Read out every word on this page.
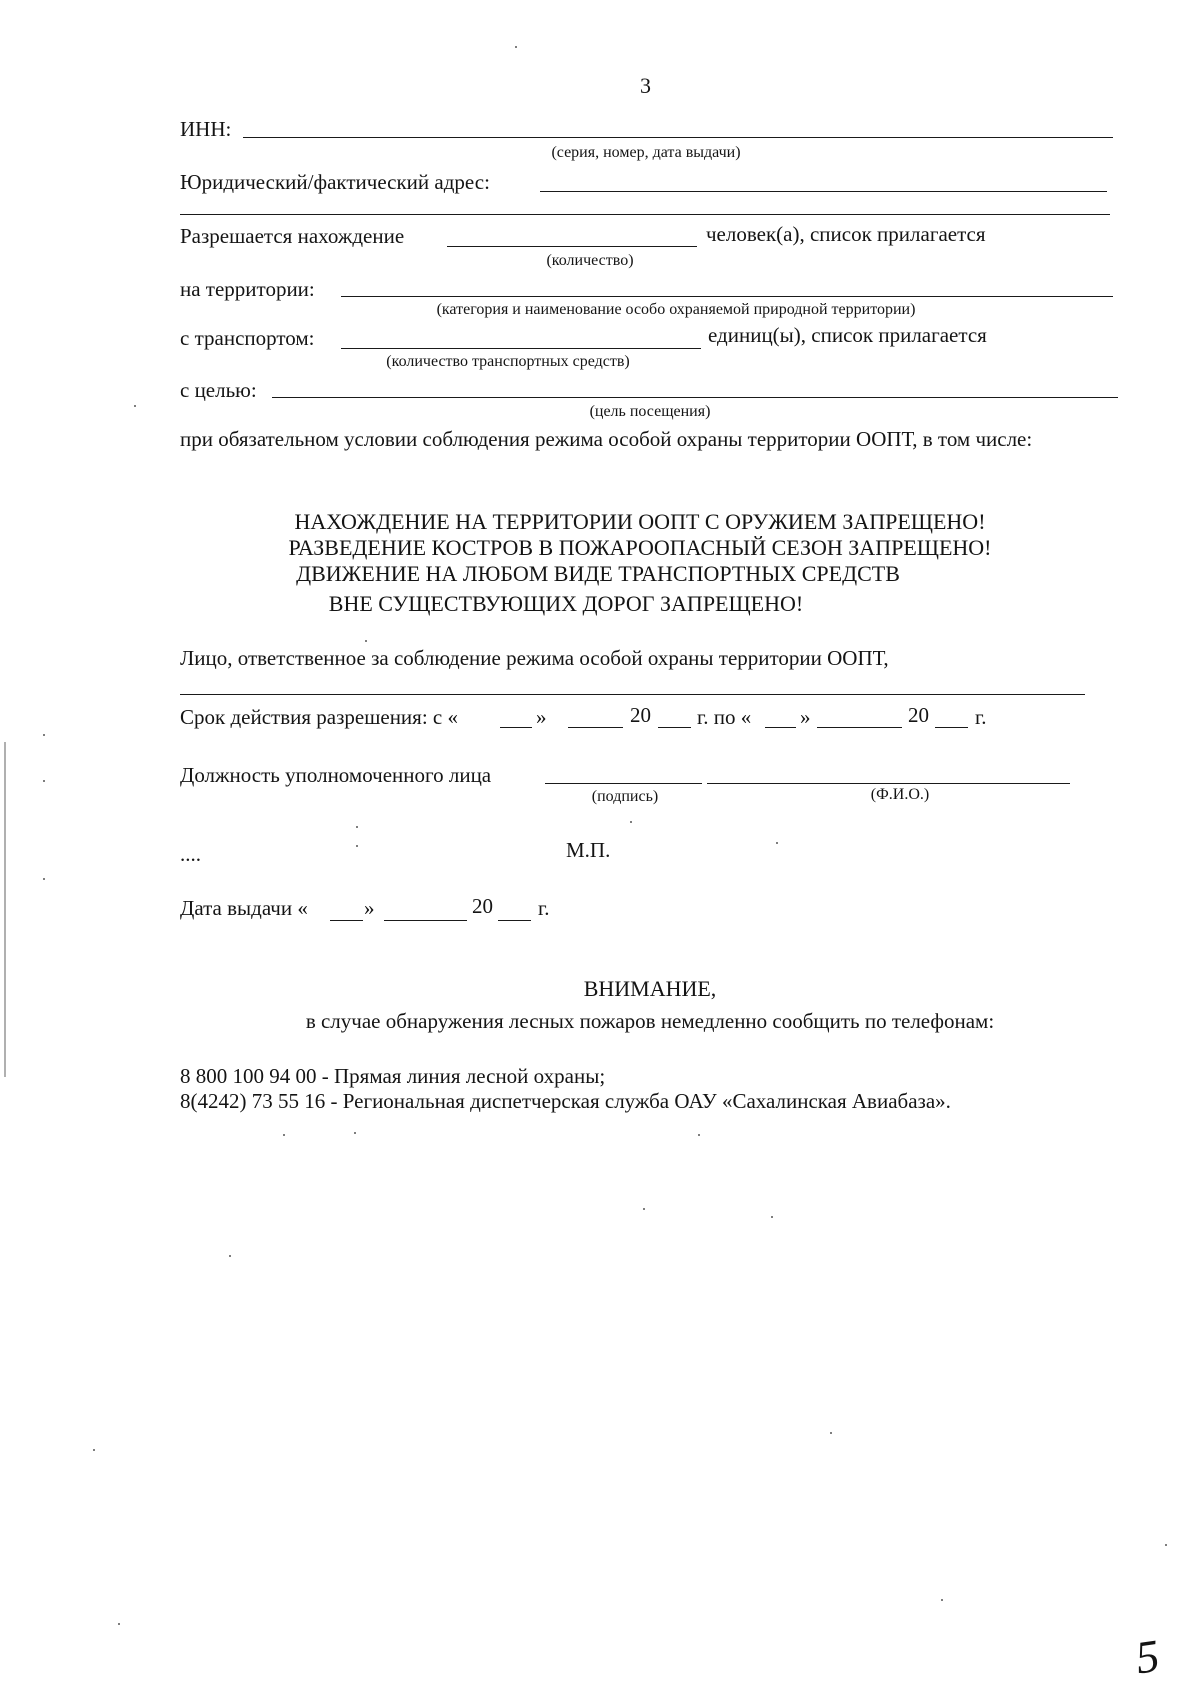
3
ИНН:
(серия, номер, дата выдачи)
Юридический/фактический адрес:
Разрешается нахождение	человек(а), список прилагается
(количество)
на территории:
(категория и наименование особо охраняемой природной территории)
с транспортом:	единиц(ы), список прилагается
(количество транспортных средств)
с целью:
(цель посещения)
при обязательном условии соблюдения режима особой охраны территории ООПТ, в том числе:
НАХОЖДЕНИЕ НА ТЕРРИТОРИИ ООПТ С ОРУЖИЕМ ЗАПРЕЩЕНО!
РАЗВЕДЕНИЕ КОСТРОВ В ПОЖАРООПАСНЫЙ СЕЗОН ЗАПРЕЩЕНО!
ДВИЖЕНИЕ НА ЛЮБОМ ВИДЕ ТРАНСПОРТНЫХ СРЕДСТВ
ВНЕ СУЩЕСТВУЮЩИХ ДОРОГ ЗАПРЕЩЕНО!
Лицо, ответственное за соблюдение режима особой охраны территории ООПТ,
Срок действия разрешения: с «	»	20 г. по « »	20 г.
Должность уполномоченного лица
(подпись)	(Ф.И.О.)
....	М.П.
Дата выдачи «	»	20 г.
ВНИМАНИЕ,
в случае обнаружения лесных пожаров немедленно сообщить по телефонам:
8 800 100 94 00 - Прямая линия лесной охраны;
8(4242) 73 55 16 - Региональная диспетчерская служба ОАУ «Сахалинская Авиабаза».
5
